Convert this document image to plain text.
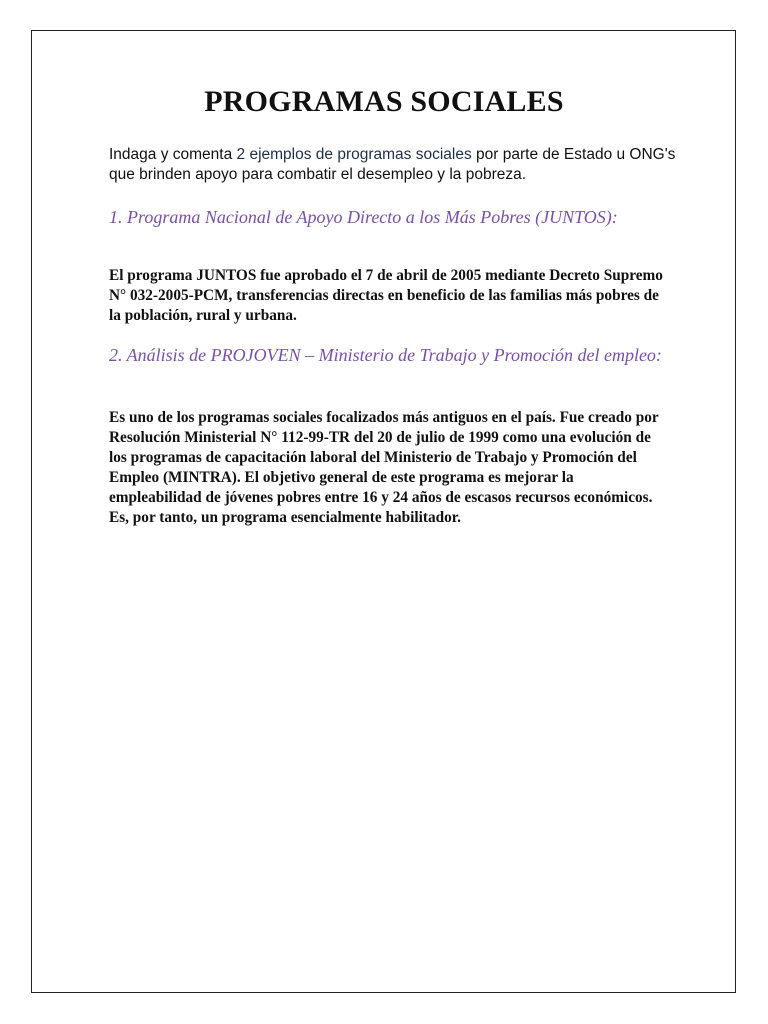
PROGRAMAS SOCIALES

Indaga y comenta 2 ejemplos de programas sociales por parte de Estado u ONG's que brinden apoyo para combatir el desempleo y la pobreza.

1. Programa Nacional de Apoyo Directo a los Más Pobres (JUNTOS):

El programa JUNTOS fue aprobado el 7 de abril de 2005 mediante Decreto Supremo N° 032-2005-PCM, transferencias directas en beneficio de las familias más pobres de la población, rural y urbana.

2. Análisis de PROJOVEN – Ministerio de Trabajo y Promoción del empleo:

Es uno de los programas sociales focalizados más antiguos en el país. Fue creado por Resolución Ministerial N° 112-99-TR del 20 de julio de 1999 como una evolución de los programas de capacitación laboral del Ministerio de Trabajo y Promoción del Empleo (MINTRA). El objetivo general de este programa es mejorar la empleabilidad de jóvenes pobres entre 16 y 24 años de escasos recursos económicos. Es, por tanto, un programa esencialmente habilitador.
